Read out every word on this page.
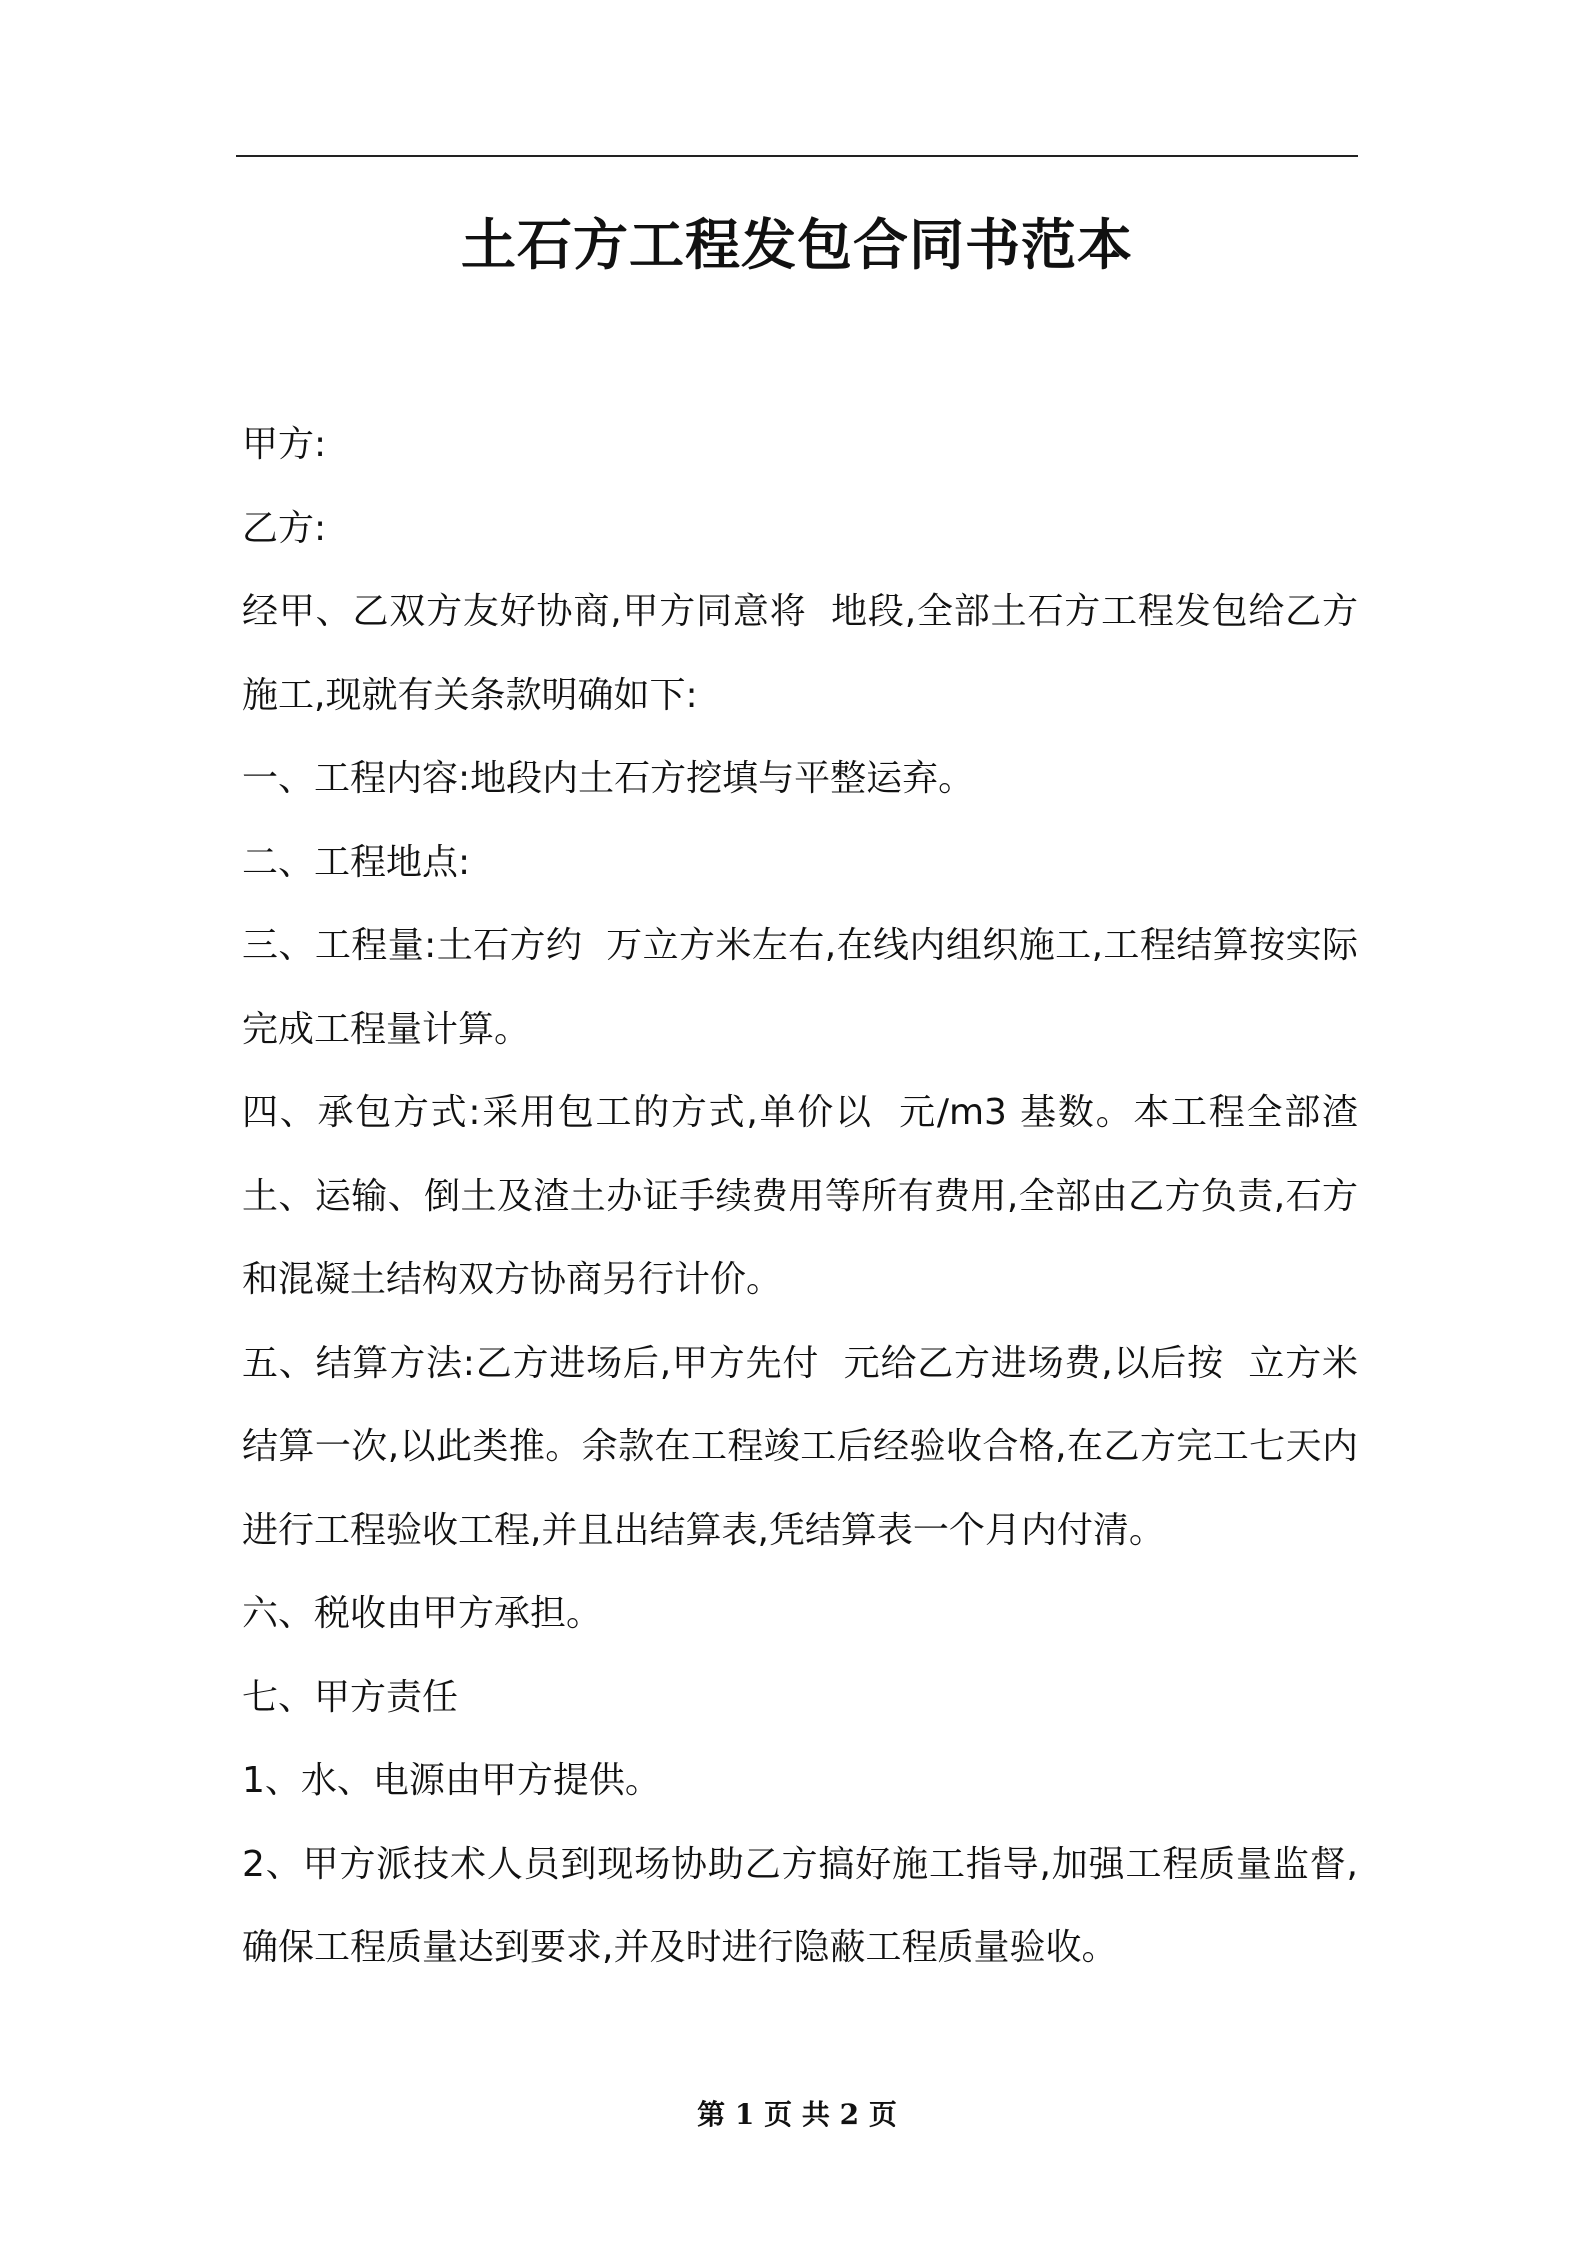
土石方工程发包合同书范本

甲方:

乙方:

经甲、乙双方友好协商,甲方同意将  地段,全部土石方工程发包给乙方施工,现就有关条款明确如下:

一、工程内容:地段内土石方挖填与平整运弃。

二、工程地点:

三、工程量:土石方约  万立方米左右,在线内组织施工,工程结算按实际完成工程量计算。

四、承包方式:采用包工的方式,单价以  元/m3 基数。本工程全部渣土、运输、倒土及渣土办证手续费用等所有费用,全部由乙方负责,石方和混凝土结构双方协商另行计价。

五、结算方法:乙方进场后,甲方先付  元给乙方进场费,以后按  立方米结算一次,以此类推。余款在工程竣工后经验收合格,在乙方完工七天内进行工程验收工程,并且出结算表,凭结算表一个月内付清。

六、税收由甲方承担。

七、甲方责任

1、水、电源由甲方提供。

2、甲方派技术人员到现场协助乙方搞好施工指导,加强工程质量监督,确保工程质量达到要求,并及时进行隐蔽工程质量验收。

第 1 页 共 2 页
